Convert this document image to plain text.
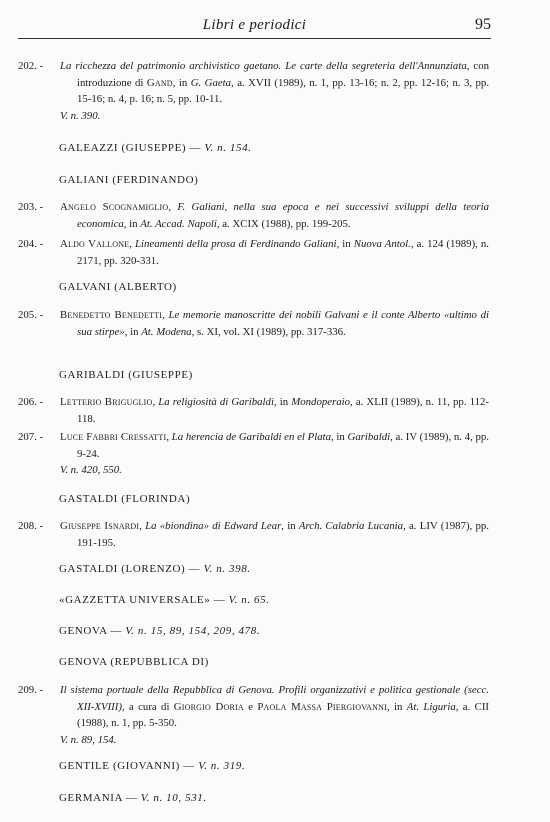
Libri e periodici	95
202. -	La ricchezza del patrimonio archivistico gaetano. Le carte della segreteria dell'Annunziata, con introduzione di Gand, in G. Gaeta, a. XVII (1989), n. 1, pp. 13-16; n. 2, pp. 12-16; n. 3, pp. 15-16; n. 4, p. 16; n. 5, pp. 10-11.

V. n. 390.

GALEAZZI (GIUSEPPE) — V. n. 154.
GALIANI (FERDINANDO)
203. -	Angelo Scognamiglio, F. Galiani, nella sua epoca e nei successivi sviluppi della teoria economica, in At. Accad. Napoli, a. XCIX (1988), pp. 199-205.

204. -	Aldo Vallone, Lineamenti della prosa di Ferdinando Galiani, in Nuova Antol., a. 124 (1989), n. 2171, pp. 320-331.

GALVANI (ALBERTO)
205. -	Benedetto Benedetti, Le memorie manoscritte dei nobili Galvani e il conte Alberto «ultimo di sua stirpe», in At. Modena, s. XI, vol. XI (1989), pp. 317-336.

GARIBALDI (GIUSEPPE)
206. -	Letterio Briguglio, La religiosità di Garibaldi, in Mondoperaio, a. XLII (1989), n. 11, pp. 112-118.

207. -	Luce Fabbri Cressatti, La herencia de Garibaldi en el Plata, in Garibaldi, a. IV (1989), n. 4, pp. 9-24.

V. n. 420, 550.

GASTALDI (FLORINDA)
208. -	Giuseppe Isnardi, La «biondina» di Edward Lear, in Arch. Calabria Lucania, a. LIV (1987), pp. 191-195.

GASTALDI (LORENZO) — V. n. 398.
«GAZZETTA UNIVERSALE» — V. n. 65.
GENOVA — V. n. 15, 89, 154, 209, 478.
GENOVA (REPUBBLICA DI)
209. -	Il sistema portuale della Repubblica di Genova. Profili organizzativi e politica gestionale (secc. XII-XVIII), a cura di Giorgio Doria e Paola Massa Piergiovanni, in At. Liguria, a. CII (1988), n. 1, pp. 5-350.

V. n. 89, 154.

GENTILE (GIOVANNI) — V. n. 319.
GERMANIA — V. n. 10, 531.
